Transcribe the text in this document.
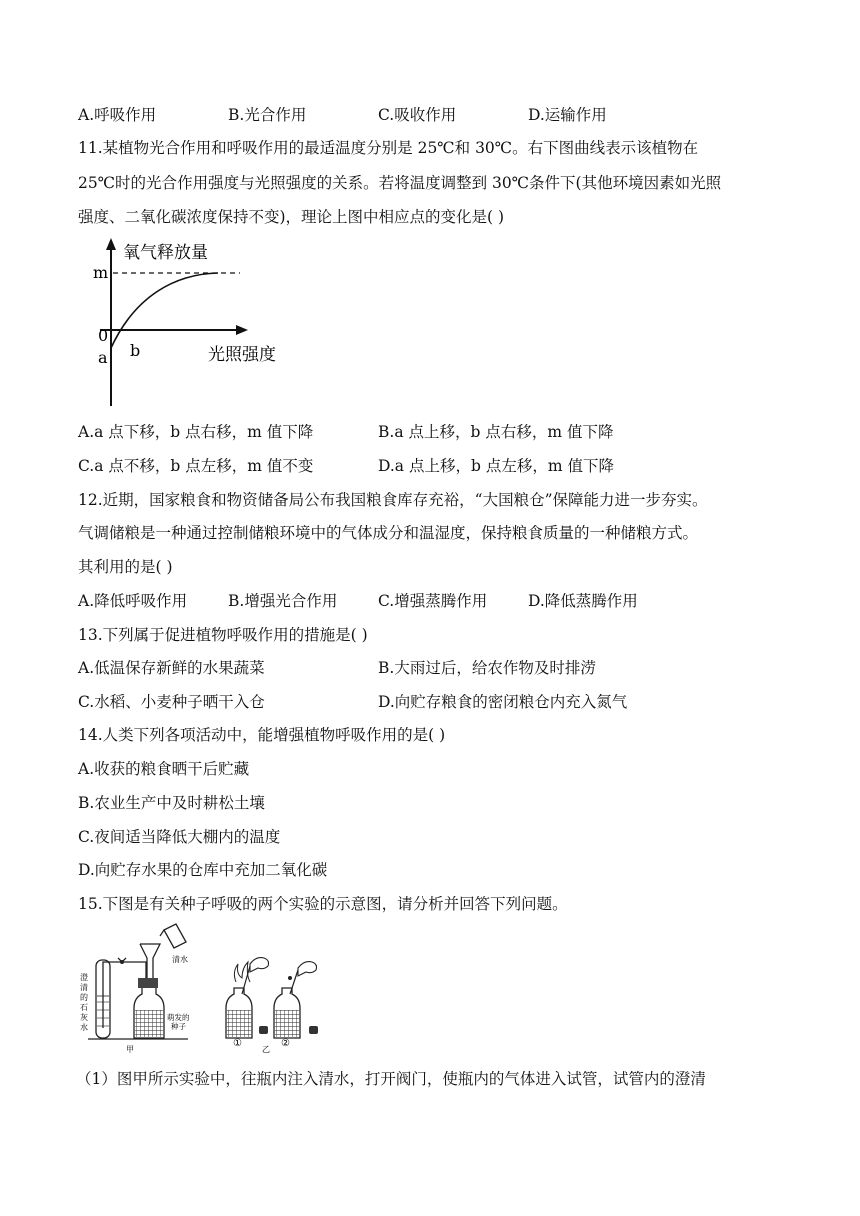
A.呼吸作用	B.光合作用	C.吸收作用	D.运输作用
11.某植物光合作用和呼吸作用的最适温度分别是 25℃和 30℃。右下图曲线表示该植物在
25℃时的光合作用强度与光照强度的关系。若将温度调整到 30℃条件下(其他环境因素如光照
强度、二氧化碳浓度保持不变)，理论上图中相应点的变化是( )
氧气释放量
m
0
a b	光照强度
A.a 点下移，b 点右移，m 值下降	B.a 点上移，b 点右移，m 值下降
C.a 点不移，b 点左移，m 值不变	D.a 点上移，b 点左移，m 值下降
12.近期，国家粮食和物资储备局公布我国粮食库存充裕，“大国粮仓”保障能力进一步夯实。
气调储粮是一种通过控制储粮环境中的气体成分和温湿度，保持粮食质量的一种储粮方式。
其利用的是( )
A.降低呼吸作用	B.增强光合作用	C.增强蒸腾作用	D.降低蒸腾作用
13.下列属于促进植物呼吸作用的措施是( )
A.低温保存新鲜的水果蔬菜	B.大雨过后，给农作物及时排涝
C.水稻、小麦种子晒干入仓	D.向贮存粮食的密闭粮仓内充入氮气
14.人类下列各项活动中，能增强植物呼吸作用的是( )
A.收获的粮食晒干后贮藏
B.农业生产中及时耕松土壤
C.夜间适当降低大棚内的温度
D.向贮存水果的仓库中充加二氧化碳
15.下图是有关种子呼吸的两个实验的示意图，请分析并回答下列问题。
清水
萌发的
种子
澄
清
的
石
灰
水
甲
①
乙
②
（1）图甲所示实验中，往瓶内注入清水，打开阀门，使瓶内的气体进入试管，试管内的澄清
